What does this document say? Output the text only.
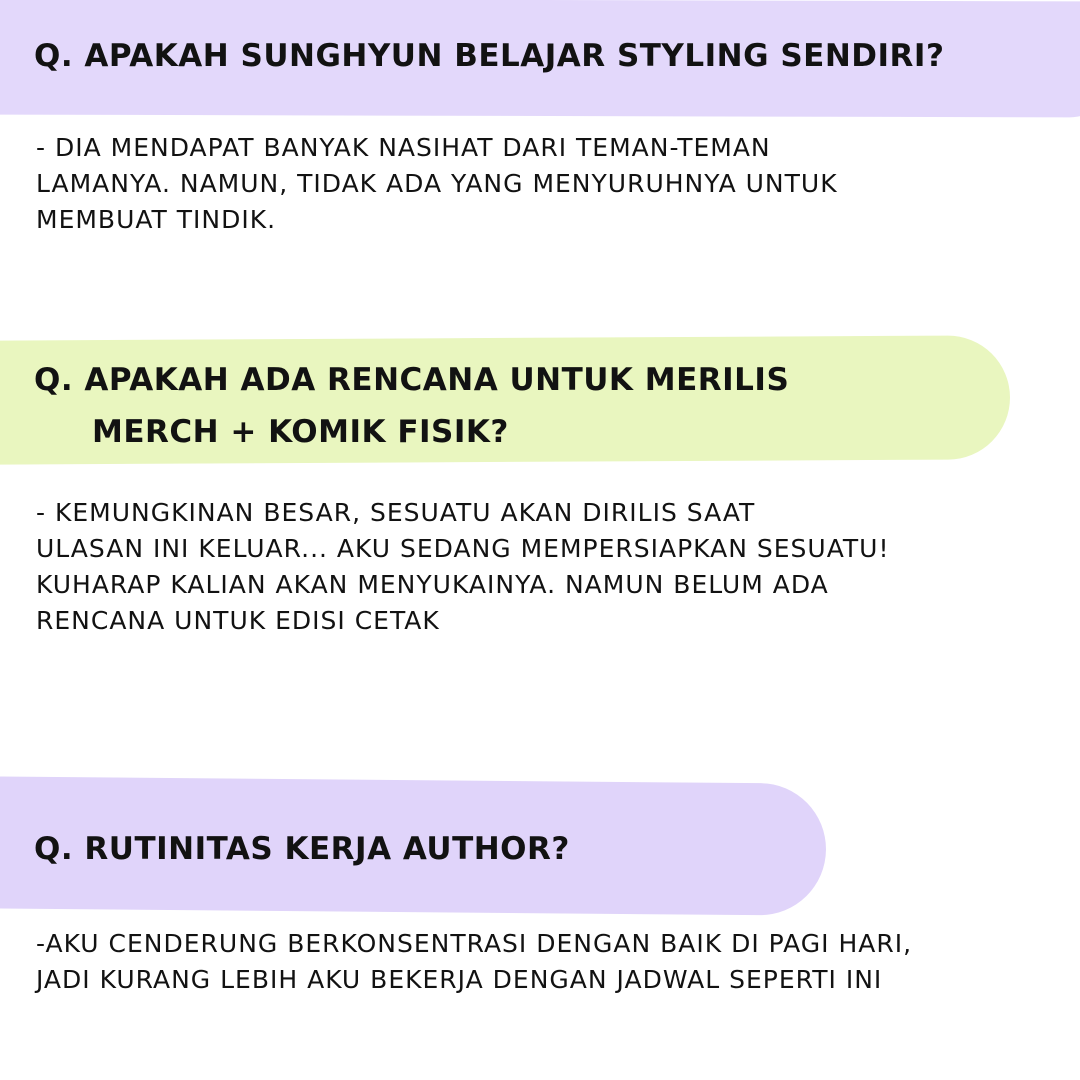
Q. APAKAH SUNGHYUN BELAJAR STYLING SENDIRI?

- DIA MENDAPAT BANYAK NASIHAT DARI TEMAN-TEMAN
LAMANYA. NAMUN, TIDAK ADA YANG MENYURUHNYA UNTUK
MEMBUAT TINDIK.

Q. APAKAH ADA RENCANA UNTUK MERILIS
MERCH + KOMIK FISIK?

- KEMUNGKINAN BESAR, SESUATU AKAN DIRILIS SAAT
ULASAN INI KELUAR... AKU SEDANG MEMPERSIAPKAN SESUATU!
KUHARAP KALIAN AKAN MENYUKAINYA. NAMUN BELUM ADA
RENCANA UNTUK EDISI CETAK

Q. RUTINITAS KERJA AUTHOR?

-AKU CENDERUNG BERKONSENTRASI DENGAN BAIK DI PAGI HARI,
JADI KURANG LEBIH AKU BEKERJA DENGAN JADWAL SEPERTI INI
